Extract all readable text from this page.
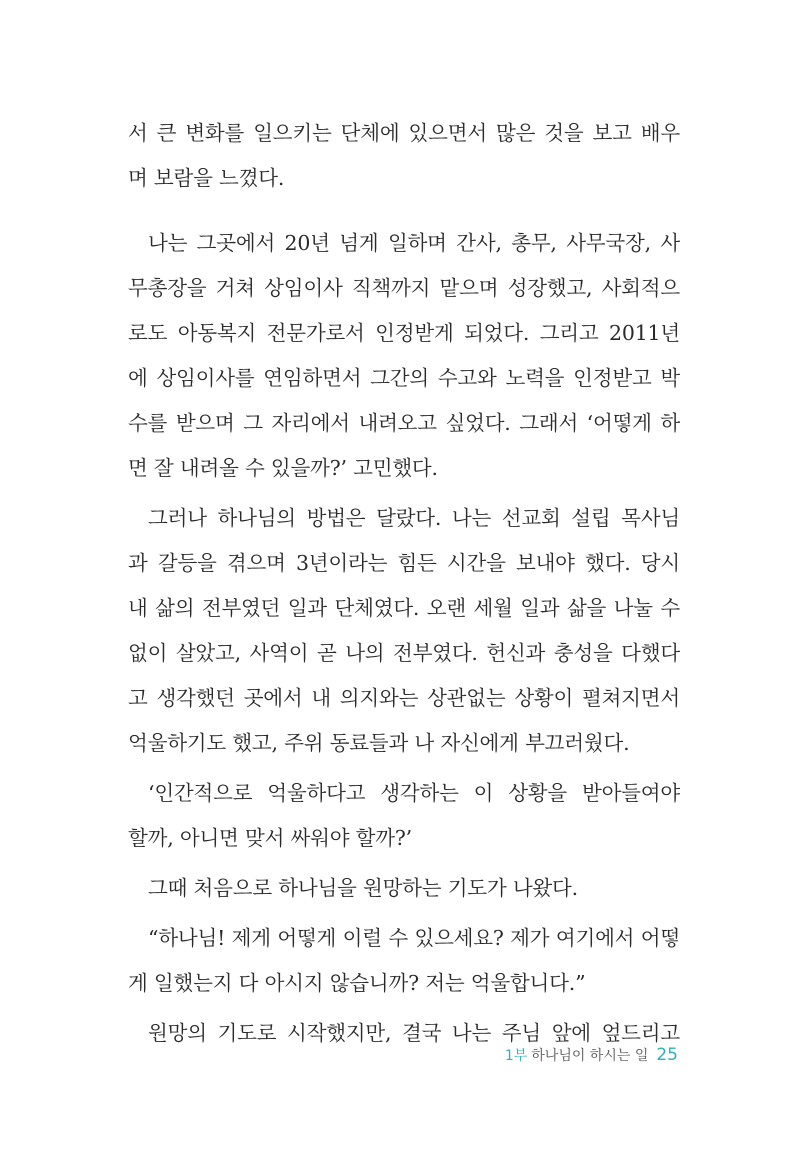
서 큰 변화를 일으키는 단체에 있으면서 많은 것을 보고 배우
며 보람을 느꼈다.
나는 그곳에서 20년 넘게 일하며 간사, 총무, 사무국장, 사
무총장을 거쳐 상임이사 직책까지 맡으며 성장했고, 사회적으
로도 아동복지 전문가로서 인정받게 되었다. 그리고 2011년
에 상임이사를 연임하면서 그간의 수고와 노력을 인정받고 박
수를 받으며 그 자리에서 내려오고 싶었다. 그래서 ‘어떻게 하
면 잘 내려올 수 있을까?’ 고민했다.
그러나 하나님의 방법은 달랐다. 나는 선교회 설립 목사님
과 갈등을 겪으며 3년이라는 힘든 시간을 보내야 했다. 당시
내 삶의 전부였던 일과 단체였다. 오랜 세월 일과 삶을 나눌 수
없이 살았고, 사역이 곧 나의 전부였다. 헌신과 충성을 다했다
고 생각했던 곳에서 내 의지와는 상관없는 상황이 펼쳐지면서
억울하기도 했고, 주위 동료들과 나 자신에게 부끄러웠다.
‘인간적으로 억울하다고 생각하는 이 상황을 받아들여야
할까, 아니면 맞서 싸워야 할까?’
그때 처음으로 하나님을 원망하는 기도가 나왔다.
“하나님! 제게 어떻게 이럴 수 있으세요? 제가 여기에서 어떻
게 일했는지 다 아시지 않습니까? 저는 억울합니다.”
원망의 기도로 시작했지만, 결국 나는 주님 앞에 엎드리고
1부 하나님이 하시는 일 25
